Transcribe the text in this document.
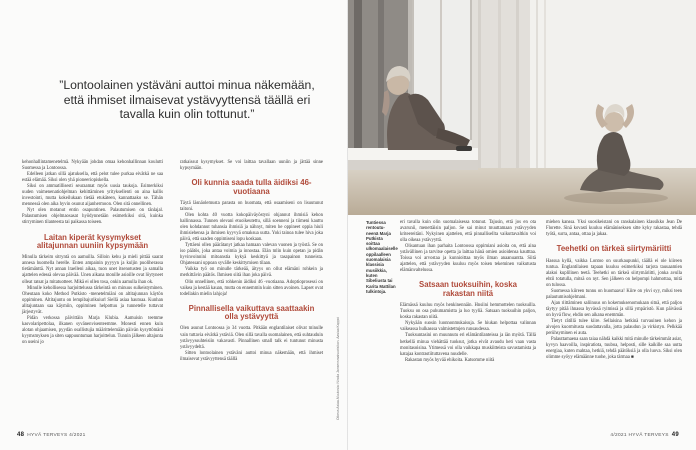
”Lontoolainen ystäväni auttoi minua näkemään, että ihmiset ilmaisevat ystävyyttensä täällä eri tavalla kuin olin tottunut.”

kehonhallintamenetelmä. Nykyään johdan omaa kehonhallinnan koulutti Suomessa ja Lontoossa.

Edelleen jatkan sillä ajatuksella, että pelot tulee purkaa eivätkä ne saa estää elämää. Siksi olen yhä pioneeriopiskella.

Siksi on ammatillisesti seuraamat myös uusia taukoja. Esimerkiksi uuden vaimenenatiohjelman kehittäminen yrityksellenti on aina kallis investointi, mutta kokeilukaan tietää etukäteen, kannattaako se. Tähän mennessä olen aika hyvin osunut aijanhermoon. Olen sitä onnellinen.

Nyt olen motanut entin osapuntinen. Palautumisen on tänlajal. Palautumisen ohjelmaosasat hyödynnetään esimerkiksi sitä, kuinka stirryminen tilanteesta tai paikassa toiseen.

Laitan kiperät kysymykset alitajunnan uuniin kypsymään

Minulla tärkeim sitryntä on aamuilla. Silloin kehu ja mieli pittää saarat annesa huomella herelle. Enten ampainin pyyyyn ja kuljin puoliherassa tietämänttä. Nyt annan lraelleni aikaa, tuon unet itsenotusten ja samalla ajattelen edessä olevaa päivää. Unen aikana monille asioille ovat löytyneet olleat ratsat ja mitatuotteet. Mikä ei ollen tosa, onkin aamulla ihan ok.

Minulle kehollisessa harjoittelussa tärkeintä on minuus sulkeistyminen. Oheutaan koko Method Putkisto -menetelmiäni on altitajunnan käytön oppiminen. Altitajuntu on lempibajurikuiurl Siellä asiaa hautoaa. Kunhan alitajuntaan saa käymiin, oppiminen helpottuu ja tunnetelle tuttavat järjestyvät.

Pidän verkossa päivittäin Marja Klubia. Aamuisin teemme kasvolaripettolaa, ilkanen syvänenvisenteemme. Monesti ennen kuin alotan ohjaamisen, pyydän osallistujia määrittelemään päivän kysyttömäni kyymsmyksen ja siten sappuuntuman harjoittelun. Tunnin jälkeen altajunta on useini jo

ratkaissut kysymykset. Se voi laittaa tavallaan uuniin ja jättää sinne kypsymään.

Oli kunnia saada tulla äidiksi 46-vuotiaana

Täytä läsnäolemusta parasta on huomata, että osaamiseni on lisuutunut taitoni.

Olen kohta 40 vuotta kokopäiväyöstyni ohjannut ihmisiä kehon hallinnassa. Tunnen olevani etuoikeutettu, sillä soenneni ja tiimeni kauttu olen kohdannut tuhansia ihmisiä ja nähnyt, miten he oppineet oppia hiuli ihmisiehensa ja ihmisen kyyvyä omaksua uutta. Yoki tainoa tulee hiva joka päivä, että saaden oppimiseni lopu koskaan.

Tyttäeni ollen päärätanyt jatkaa hamaan valevan vuonen ja työstä. Se on iso päätös, joka antaa voimia ja innostaa. Elän mlin kuin opetan ja pidän hyvinvoinnini mitoanstia kykyä keskittyä ja tasapainon tunneista. Ohjatessani uppoan syvälle keskittymisen tilaan.

Vaikka työ on minulle tärkeää, äityys on ollut elämäni rohkein ja merkittävin päätös. Ihmisen siitä ihan joka päivä.

Olin onnellinen, että rohkenin äidiksi 46 -vuotiaana. Adoptioprosessi on vaikea ja kestää kauan, mutta on ennemmin kuin sitten avoinen. Lapset ovat todellakin mielin lahjoja!

Pinnallisella vaikuttava saattaakin olla ystävyyttä

Olen asunut Lontoossa jo 34 vuotta. Pitkään englantilaiset olivat minulle vain tuttavia eivätkä ystäviä. Olen sillä tavalla suomalainen, että suhtauduin ystävyyssuhteisiin vakavasti. Pinnallinen small talk ei tuntunut minusta ystävyydeltä.

Sitten lontoolainen ystäväni auttoi minua näkemään, että ihmiset ilmaisevat ystävyyttensä täällä

48 HYVÄ TERVEYS 4/2021	4/2021 HYVÄ TERVEYS 49
Oikeus Asiaa-Muutosia: Nindia Jansensmaisuotsikon. Aasiaa Kappoi
Tuntiessa rentoutu-neenä Marja Putkista soittaa ulkomaalaiselle oppilaalleen suomalaisia klassisia musiikkia, kuten Sibeliusta tai Karita Mattilan tulkintoja.

eri tavalla kuin olin suomalaisessa totunut. Tajusin, että jos en ota avarunii, menettäisin paljon. Se sai minut muuttamaan ystävyyden kriteereitäni. Nykyinen ajattelen, että pinnallisellta vaikuttavaltkin voi olla oikeaa ystävyyttä.

Olisantuan ihan parhaita Lontoossa oppimiani asioita on, että aina ystävällinen ja tarvitse opetta ja laittaa hänä omien asioidensa kautttaa. Toissa voi arvostaa ja kunnioittaa myös ilman anaanuantta. Siitä ajattelen, että ystävyyden kuuluu myös toisen tekeminen vaikutusta elämänvaltelussa.

Satsaan tuoksuihin, koska rakastan niitä

Elämässä kuuluu myös henkinennäin. Hnsiini hemmottelen tuoksuilla. Tuoksu on osa puhumamistta ja luo tyyliä. Satsaan tuoksuihin paljon, koska rakastan niitä.

Nykyään suosin luonnonmukaisuja. Se hiukan helpottaa valinnan vaikeassa hulkasssa valmistettujen runsaudessa.

Tuoksuntasini on muunnutu eri elämäntilanteissa ja iän myötä. Tällä hetkellä minua viehättää tuoksut, jotka eivät avaudu heti vaan vasta monitasoisina. Ytimessä voi olla vaikkapa muskiitteista savustamista ja katajaa kontrastiituttavena nuudelle.

Rakastan myös hyvää ehikoita. Katsomme niitä

miehen kanssa. Yksi suosikeistani on ranskalainen klassikko Jean De Florette. Sinä kovasti kuuluu elämäniseksen sitte kyky rakastaa, tehdä työtä, surra, antaa, ottaa ja jakaa.

Teehetki on tärkeä siirtymäriitti

Hassua kyllä, vaikka Lontoo on suurkaupunki, täällä ei ole kiireen tuntua. Englantilaisen tapaan kuuluu esimerkiksi tarjota tauuaamien alakoi kuplilinen teetä. Teehetki on tärkeä siirtymäriitti, jonka avulla ehtii totatulla, mitsä on nyt. Sen jälkeen on helpompi hahmottaa, mitä on tulossa.

Suomessa kiireen tunnu on huomaava! Kiire on ykvi syy, miksi teen palautumisohjelmani.

Ajan riittäminen saliinuus on kokemuksenomukaan sitnä, että paljon täytyy pitää ihnassa hyvässä ryimissä ja sillä ympäristö. Kun päivässä on hyvä flow, ehdin sen aikana enemmän.

Tietyt rätillä tulee kiire. Sellaisina hetkinä turvauinen kehon ja aivojen kuormitusta suodattavalla, jotta palaudun ja virkistyn. Pelkkää perühsyminen ei auta.

Palauttamaena saan taiaa nähdä kaikki mitä minulle tärkeimmät asiat, kyvyn haavoilla, inspiratiota, tuuboa, helposti, sille kaikille saa uutta energiaa, kuten mahtaa, hetkiä, tehdä päätöksiä ja olla luova. Siksi olen olimme syöyy elämäänne tuohe, joka tärmaa ■
